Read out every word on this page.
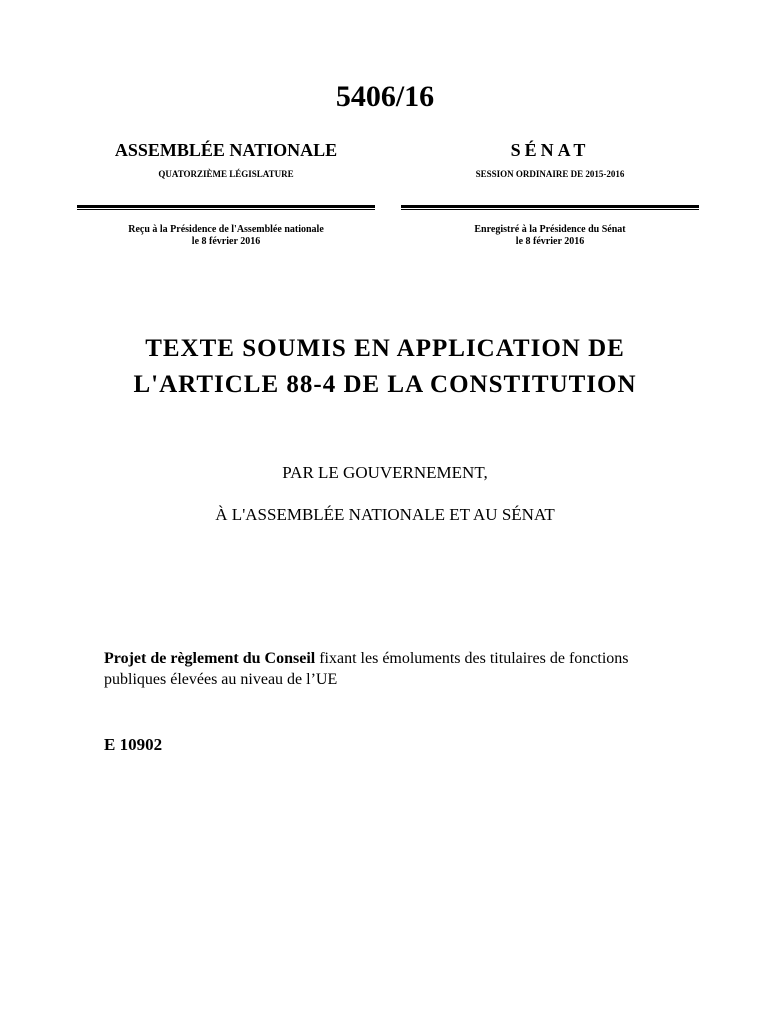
5406/16
ASSEMBLÉE NATIONALE	SÉNAT
QUATORZIÈME LÉGISLATURE	SESSION ORDINAIRE DE 2015-2016
Reçu à la Présidence de l'Assemblée nationale
le 8 février 2016
Enregistré à la Présidence du Sénat
le 8 février 2016
TEXTE SOUMIS EN APPLICATION DE
L'ARTICLE 88-4 DE LA CONSTITUTION
PAR LE GOUVERNEMENT,
À L'ASSEMBLÉE NATIONALE ET AU SÉNAT
Projet de règlement du Conseil fixant les émoluments des titulaires de fonctions publiques élevées au niveau de l’UE
E 10902
